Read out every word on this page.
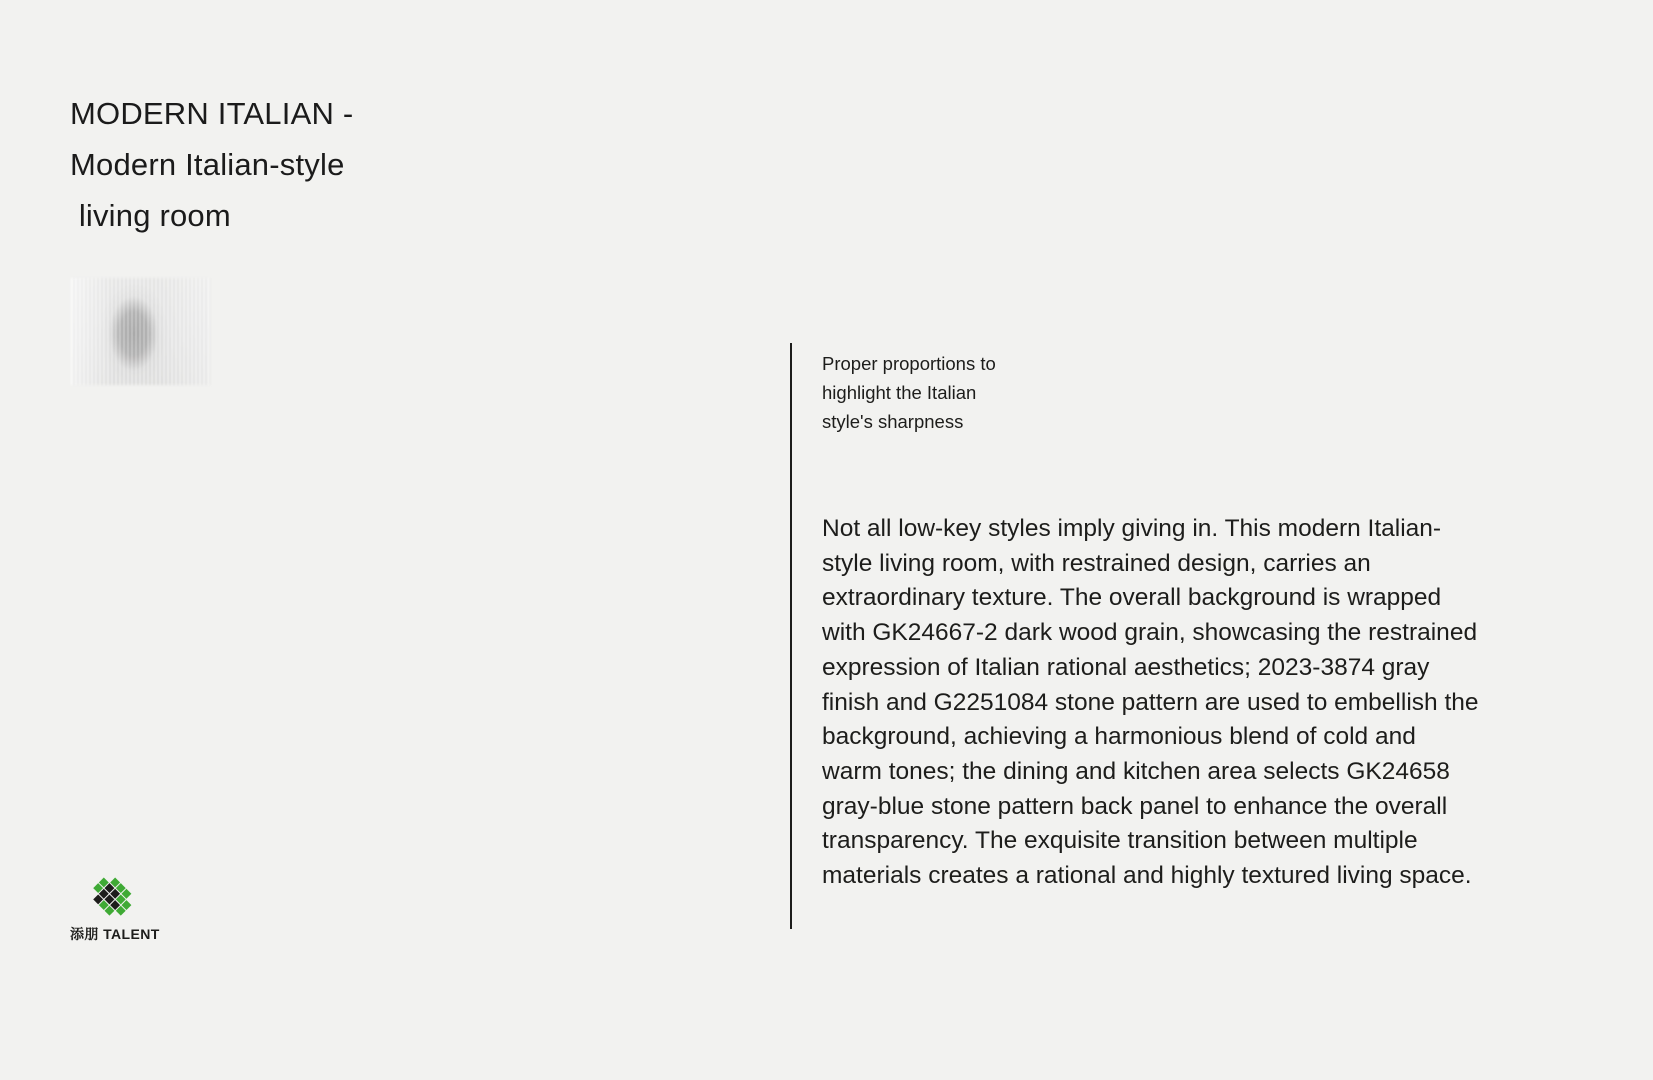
MODERN ITALIAN -
Modern Italian-style
living room
Proper proportions to
highlight the Italian
style's sharpness

Not all low-key styles imply giving in. This modern Italian-style living room, with restrained design, carries an extraordinary texture. The overall background is wrapped with GK24667-2 dark wood grain, showcasing the restrained expression of Italian rational aesthetics; 2023-3874 gray finish and G2251084 stone pattern are used to embellish the background, achieving a harmonious blend of cold and warm tones; the dining and kitchen area selects GK24658 gray-blue stone pattern back panel to enhance the overall transparency. The exquisite transition between multiple materials creates a rational and highly textured living space.

添朋 TALENT
